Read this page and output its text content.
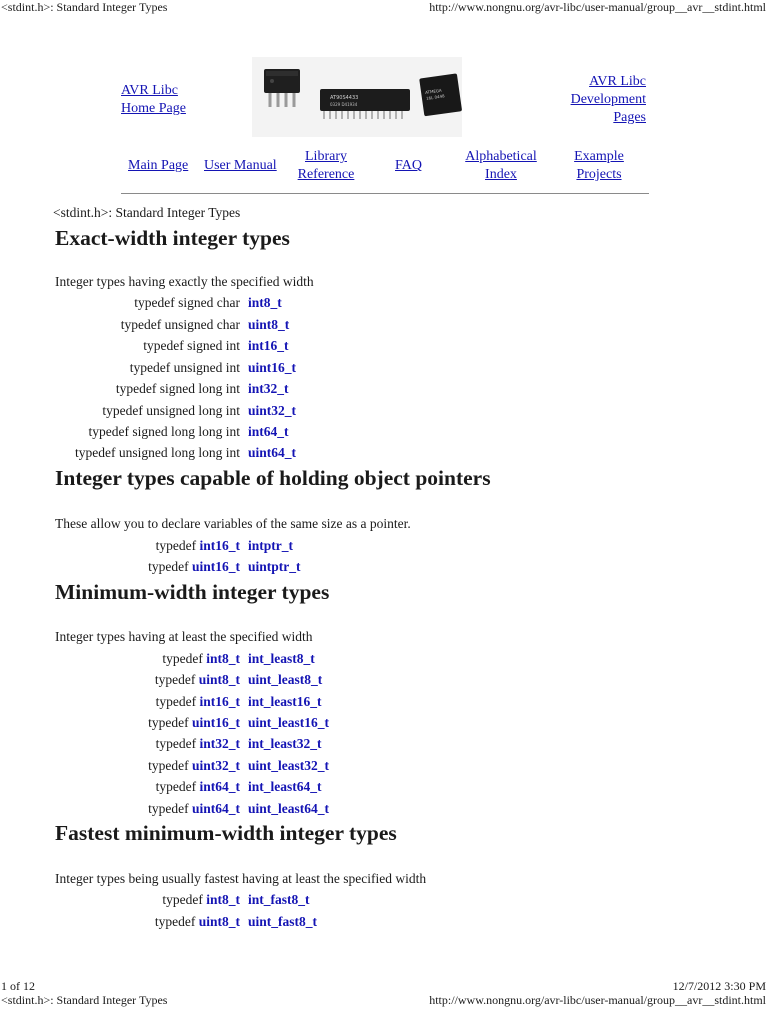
<stdint.h>: Standard Integer Types	http://www.nongnu.org/avr-libc/user-manual/group__avr__stdint.html
AVR Libc
Home Page
AT90S4433
0329 D41934
ATMEGA
16L 0448
AVR Libc
Development
Pages
Main Page User Manual
Library
Reference
FAQ
Alphabetical
Index
Example
Projects
<stdint.h>: Standard Integer Types
Exact-width integer types
Integer types having exactly the specified width
typedef signed char int8_t
typedef unsigned char uint8_t
typedef signed int int16_t
typedef unsigned int uint16_t
typedef signed long int int32_t
typedef unsigned long int uint32_t
typedef signed long long int int64_t
typedef unsigned long long int uint64_t
Integer types capable of holding object pointers
These allow you to declare variables of the same size as a pointer.
typedef int16_t intptr_t
typedef uint16_t uintptr_t
Minimum-width integer types
Integer types having at least the specified width
typedef int8_t int_least8_t
typedef uint8_t uint_least8_t
typedef int16_t int_least16_t
typedef uint16_t uint_least16_t
typedef int32_t int_least32_t
typedef uint32_t uint_least32_t
typedef int64_t int_least64_t
typedef uint64_t uint_least64_t
Fastest minimum-width integer types
Integer types being usually fastest having at least the specified width
typedef int8_t int_fast8_t
typedef uint8_t uint_fast8_t
1 of 12	12/7/2012 3:30 PM
<stdint.h>: Standard Integer Types	http://www.nongnu.org/avr-libc/user-manual/group__avr__stdint.html
